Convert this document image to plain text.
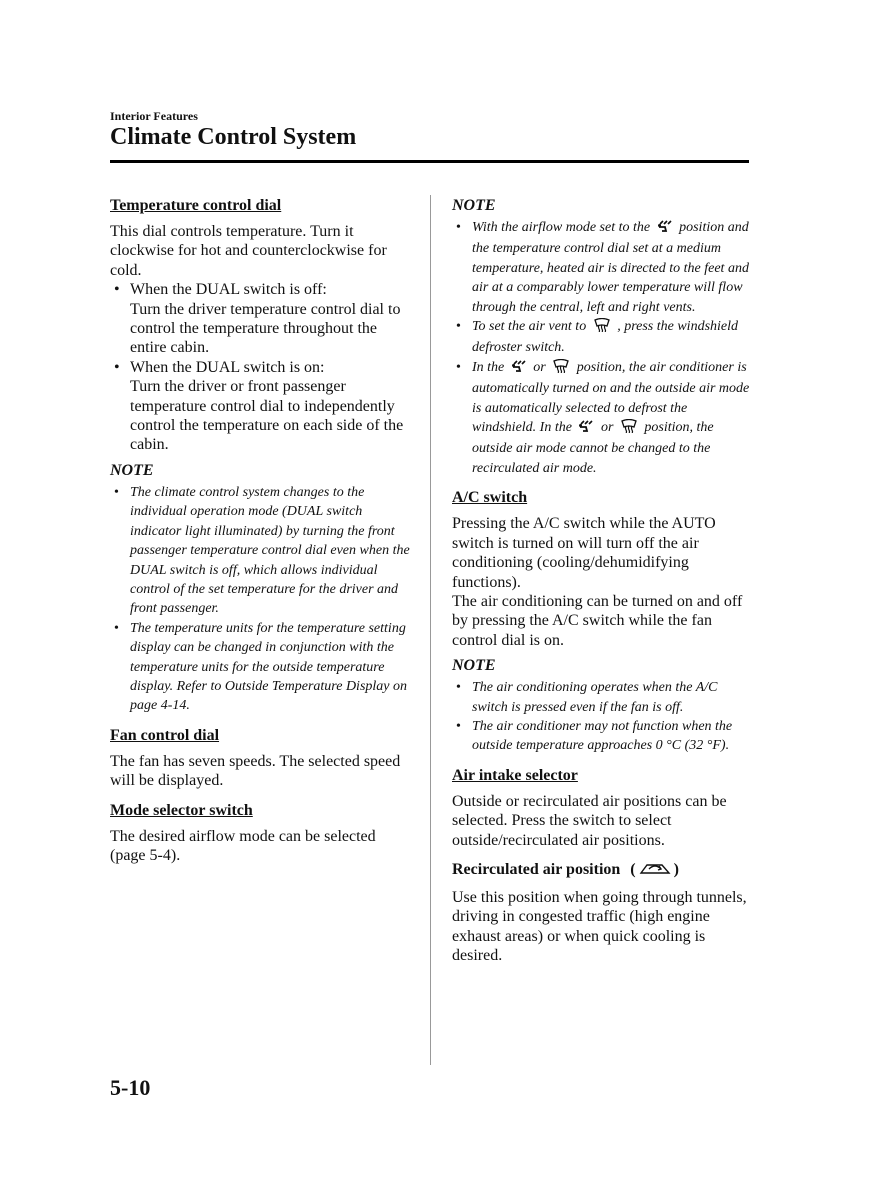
Interior Features
Climate Control System
Temperature control dial

This dial controls temperature. Turn it clockwise for hot and counterclockwise for cold.

• When the DUAL switch is off:
Turn the driver temperature control dial to control the temperature throughout the entire cabin.
• When the DUAL switch is on:
Turn the driver or front passenger temperature control dial to independently control the temperature on each side of the cabin.
NOTE
• The climate control system changes to the individual operation mode (DUAL switch indicator light illuminated) by turning the front passenger temperature control dial even when the DUAL switch is off, which allows individual control of the set temperature for the driver and front passenger.
• The temperature units for the temperature setting display can be changed in conjunction with the temperature units for the outside temperature display. Refer to Outside Temperature Display on page 4-14.
Fan control dial

The fan has seven speeds. The selected speed will be displayed.

Mode selector switch

The desired airflow mode can be selected (page 5-4).

NOTE
• With the airflow mode set to the position and the temperature control dial set at a medium temperature, heated air is directed to the feet and air at a comparably lower temperature will flow through the central, left and right vents.
• To set the air vent to , press the windshield defroster switch.
• In the or position, the air conditioner is automatically turned on and the outside air mode is automatically selected to defrost the windshield. In the or position, the outside air mode cannot be changed to the recirculated air mode.
A/C switch

Pressing the A/C switch while the AUTO switch is turned on will turn off the air conditioning (cooling/dehumidifying functions).

The air conditioning can be turned on and off by pressing the A/C switch while the fan control dial is on.

NOTE
• The air conditioning operates when the A/C switch is pressed even if the fan is off.
• The air conditioner may not function when the outside temperature approaches 0 °C (32 °F).
Air intake selector

Outside or recirculated air positions can be selected. Press the switch to select outside/recirculated air positions.

Recirculated air position ( )

Use this position when going through tunnels, driving in congested traffic (high engine exhaust areas) or when quick cooling is desired.

5-10
